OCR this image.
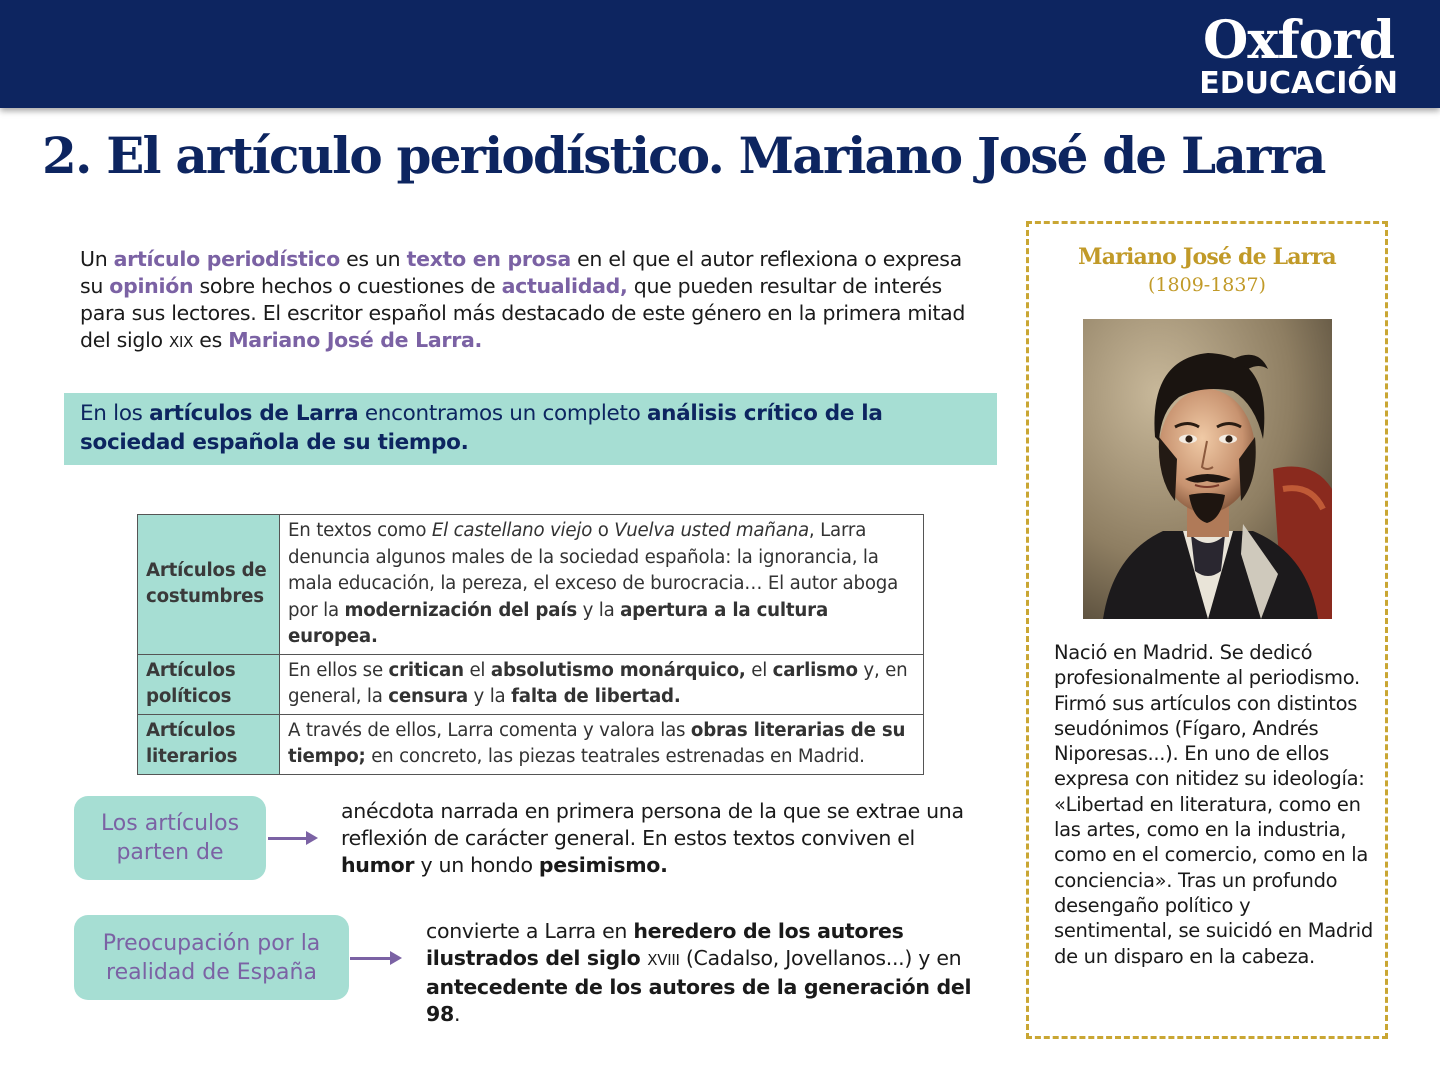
Oxford
EDUCACIÓN
2. El artículo periodístico. Mariano José de Larra
Un artículo periodístico es un texto en prosa en el que el autor reflexiona o expresa su opinión sobre hechos o cuestiones de actualidad, que pueden resultar de interés para sus lectores. El escritor español más destacado de este género en la primera mitad del siglo XIX es Mariano José de Larra.

En los artículos de Larra encontramos un completo análisis crítico de la sociedad española de su tiempo.

Artículos de costumbres	En textos como El castellano viejo o Vuelva usted mañana, Larra denuncia algunos males de la sociedad española: la ignorancia, la mala educación, la pereza, el exceso de burocracia… El autor aboga por la modernización del país y la apertura a la cultura europea.
Artículos políticos	En ellos se critican el absolutismo monárquico, el carlismo y, en general, la censura y la falta de libertad.
Artículos literarios	A través de ellos, Larra comenta y valora las obras literarias de su tiempo; en concreto, las piezas teatrales estrenadas en Madrid.
Los artículos parten de
anécdota narrada en primera persona de la que se extrae una reflexión de carácter general. En estos textos conviven el humor y un hondo pesimismo.
Preocupación por la realidad de España
convierte a Larra en heredero de los autores ilustrados del siglo XVIII (Cadalso, Jovellanos...) y en antecedente de los autores de la generación del 98.
Mariano José de Larra
(1809-1837)
Nació en Madrid. Se dedicó profesionalmente al periodismo. Firmó sus artículos con distintos seudónimos (Fígaro, Andrés Niporesas...). En uno de ellos expresa con nitidez su ideología: «Libertad en literatura, como en las artes, como en la industria, como en el comercio, como en la conciencia». Tras un profundo desengaño político y sentimental, se suicidó en Madrid de un disparo en la cabeza.
